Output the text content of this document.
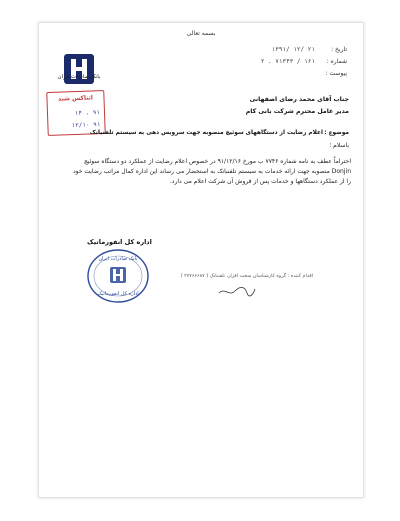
بسمه تعالی
تاریخ :
۱۳۹۱/ ۱۲/ ۲۱
شماره :
۲ . ۷۱۳۴۳ / ۱۶۱
پیوست :
بانک صادرات ایران
اتناکس شبد
۱۴ ، ۹۱
۱۲/۱۰ ۹۱
جناب آقای محمد رضای اصفهانی
مدیر عامل محترم شرکت بانی کام
موضوع :
اعلام رضایت از دستگاههای سوئیچ منصوبه جهت سرویس دهی به سیستم تلفنبانک
باسلام ؛
احتراماً عطف به نامه شماره ۷۷۴۶ ب مورخ ۹۱/۱۲/۱۶ در خصوص اعلام رضایت از عملکرد دو دستگاه سوئیچ Donjin منصوبه جهت ارائه خدمات به سیستم تلفنبانک به استحضار می رساند این اداره کمال مراتب رضایت خود را از عملکرد دستگاهها و خدمات پس از فروش آن شرکت اعلام می دارد.
اداره کل انفورماتیک
بانک صادرات ایران
اداره کل انفورماتیک
اقدام کننده : گروه کارشناسان سخت افزار، تلفنبانک ( ۲۷۷۶۶۶۸۷ )
